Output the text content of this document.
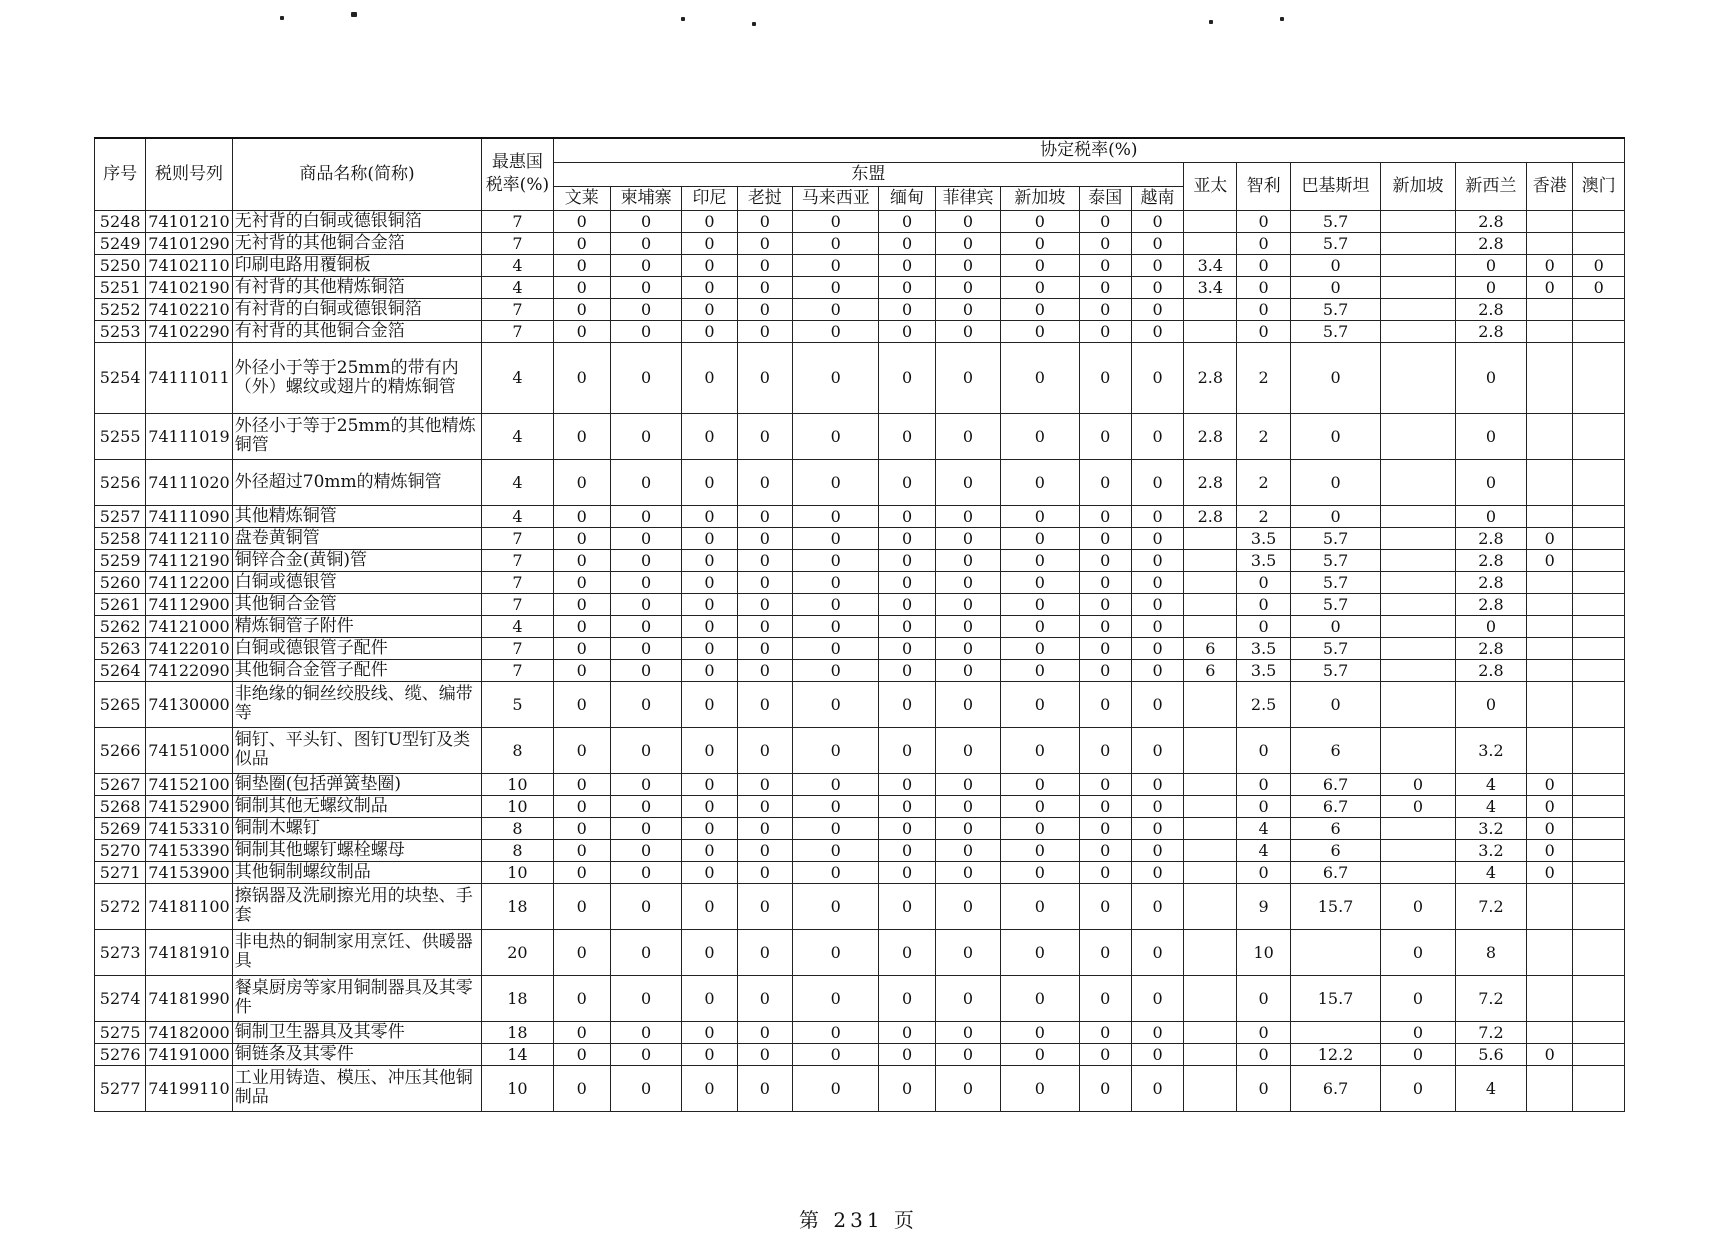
序号	税则号列	商品名称(简称)	最惠国税率(%)	协定税率(%)																
				东盟										亚太	智利	巴基斯坦	新加坡	新西兰	香港	澳门
				文莱	柬埔寨	印尼	老挝	马来西亚	缅甸	菲律宾	新加坡	泰国	越南							
5248	74101210	无衬背的白铜或德银铜箔	7	0	0	0	0	0	0	0	0	0	0		0	5.7		2.8		
5249	74101290	无衬背的其他铜合金箔	7	0	0	0	0	0	0	0	0	0	0		0	5.7		2.8		
5250	74102110	印刷电路用覆铜板	4	0	0	0	0	0	0	0	0	0	0	3.4	0	0		0	0	0
5251	74102190	有衬背的其他精炼铜箔	4	0	0	0	0	0	0	0	0	0	0	3.4	0	0		0	0	0
5252	74102210	有衬背的白铜或德银铜箔	7	0	0	0	0	0	0	0	0	0	0		0	5.7		2.8		
5253	74102290	有衬背的其他铜合金箔	7	0	0	0	0	0	0	0	0	0	0		0	5.7		2.8		
5254	74111011	外径小于等于25mm的带有内（外）螺纹或翅片的精炼铜管	4	0	0	0	0	0	0	0	0	0	0	2.8	2	0		0		
5255	74111019	外径小于等于25mm的其他精炼铜管	4	0	0	0	0	0	0	0	0	0	0	2.8	2	0		0		
5256	74111020	外径超过70mm的精炼铜管	4	0	0	0	0	0	0	0	0	0	0	2.8	2	0		0		
5257	74111090	其他精炼铜管	4	0	0	0	0	0	0	0	0	0	0	2.8	2	0		0		
5258	74112110	盘卷黄铜管	7	0	0	0	0	0	0	0	0	0	0		3.5	5.7		2.8	0	
5259	74112190	铜锌合金(黄铜)管	7	0	0	0	0	0	0	0	0	0	0		3.5	5.7		2.8	0	
5260	74112200	白铜或德银管	7	0	0	0	0	0	0	0	0	0	0		0	5.7		2.8		
5261	74112900	其他铜合金管	7	0	0	0	0	0	0	0	0	0	0		0	5.7		2.8		
5262	74121000	精炼铜管子附件	4	0	0	0	0	0	0	0	0	0	0		0	0		0		
5263	74122010	白铜或德银管子配件	7	0	0	0	0	0	0	0	0	0	0	6	3.5	5.7		2.8		
5264	74122090	其他铜合金管子配件	7	0	0	0	0	0	0	0	0	0	0	6	3.5	5.7		2.8		
5265	74130000	非绝缘的铜丝绞股线、缆、编带等	5	0	0	0	0	0	0	0	0	0	0		2.5	0		0		
5266	74151000	铜钉、平头钉、图钉U型钉及类似品	8	0	0	0	0	0	0	0	0	0	0		0	6		3.2		
5267	74152100	铜垫圈(包括弹簧垫圈)	10	0	0	0	0	0	0	0	0	0	0		0	6.7	0	4	0	
5268	74152900	铜制其他无螺纹制品	10	0	0	0	0	0	0	0	0	0	0		0	6.7	0	4	0	
5269	74153310	铜制木螺钉	8	0	0	0	0	0	0	0	0	0	0		4	6		3.2	0	
5270	74153390	铜制其他螺钉螺栓螺母	8	0	0	0	0	0	0	0	0	0	0		4	6		3.2	0	
5271	74153900	其他铜制螺纹制品	10	0	0	0	0	0	0	0	0	0	0		0	6.7		4	0	
5272	74181100	擦锅器及洗刷擦光用的块垫、手套	18	0	0	0	0	0	0	0	0	0	0		9	15.7	0	7.2		
5273	74181910	非电热的铜制家用烹饪、供暖器具	20	0	0	0	0	0	0	0	0	0	0		10		0	8		
5274	74181990	餐桌厨房等家用铜制器具及其零件	18	0	0	0	0	0	0	0	0	0	0		0	15.7	0	7.2		
5275	74182000	铜制卫生器具及其零件	18	0	0	0	0	0	0	0	0	0	0		0		0	7.2		
5276	74191000	铜链条及其零件	14	0	0	0	0	0	0	0	0	0	0		0	12.2	0	5.6	0	
5277	74199110	工业用铸造、模压、冲压其他铜制品	10	0	0	0	0	0	0	0	0	0	0		0	6.7	0	4		
第 231 页
